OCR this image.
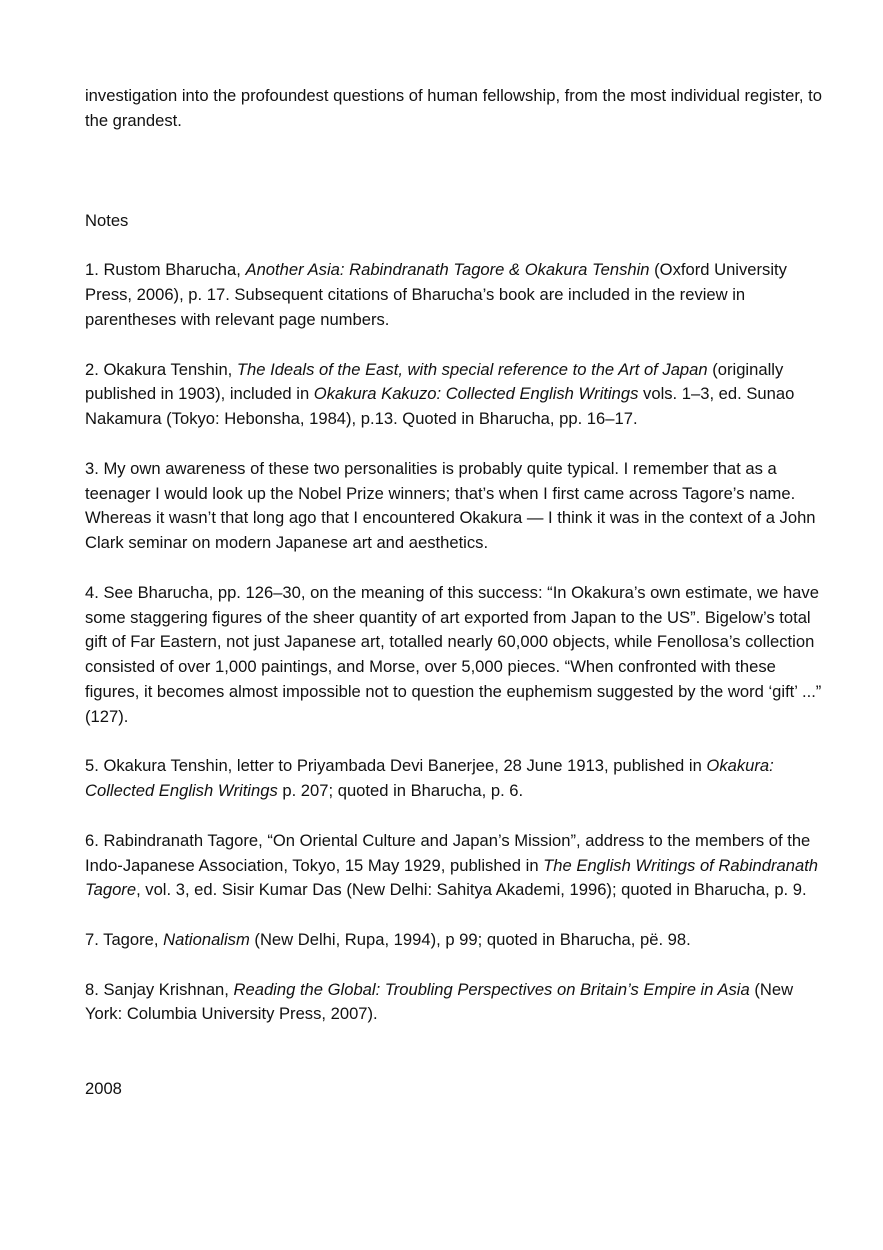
investigation into the profoundest questions of human fellowship, from the most individual register, to the grandest.

Notes

1. Rustom Bharucha, Another Asia: Rabindranath Tagore & Okakura Tenshin (Oxford University Press, 2006), p. 17. Subsequent citations of Bharucha’s book are included in the review in parentheses with relevant page numbers.

2. Okakura Tenshin, The Ideals of the East, with special reference to the Art of Japan (originally published in 1903), included in Okakura Kakuzo: Collected English Writings vols. 1–3, ed. Sunao Nakamura (Tokyo: Hebonsha, 1984), p.13. Quoted in Bharucha, pp. 16–17.

3. My own awareness of these two personalities is probably quite typical. I remember that as a teenager I would look up the Nobel Prize winners; that’s when I first came across Tagore’s name. Whereas it wasn’t that long ago that I encountered Okakura — I think it was in the context of a John Clark seminar on modern Japanese art and aesthetics.

4. See Bharucha, pp. 126–30, on the meaning of this success: “In Okakura’s own estimate, we have some staggering figures of the sheer quantity of art exported from Japan to the US”. Bigelow’s total gift of Far Eastern, not just Japanese art, totalled nearly 60,000 objects, while Fenollosa’s collection consisted of over 1,000 paintings, and Morse, over 5,000 pieces. “When confronted with these figures, it becomes almost impossible not to question the euphemism suggested by the word ‘gift’ ...” (127).

5. Okakura Tenshin, letter to Priyambada Devi Banerjee, 28 June 1913, published in Okakura: Collected English Writings p. 207; quoted in Bharucha, p. 6.

6. Rabindranath Tagore, “On Oriental Culture and Japan’s Mission”, address to the members of the Indo-Japanese Association, Tokyo, 15 May 1929, published in The English Writings of Rabindranath Tagore, vol. 3, ed. Sisir Kumar Das (New Delhi: Sahitya Akademi, 1996); quoted in Bharucha, p. 9.

7. Tagore, Nationalism (New Delhi, Rupa, 1994), p 99; quoted in Bharucha, pë. 98.

8. Sanjay Krishnan, Reading the Global: Troubling Perspectives on Britain’s Empire in Asia (New York: Columbia University Press, 2007).

2008
